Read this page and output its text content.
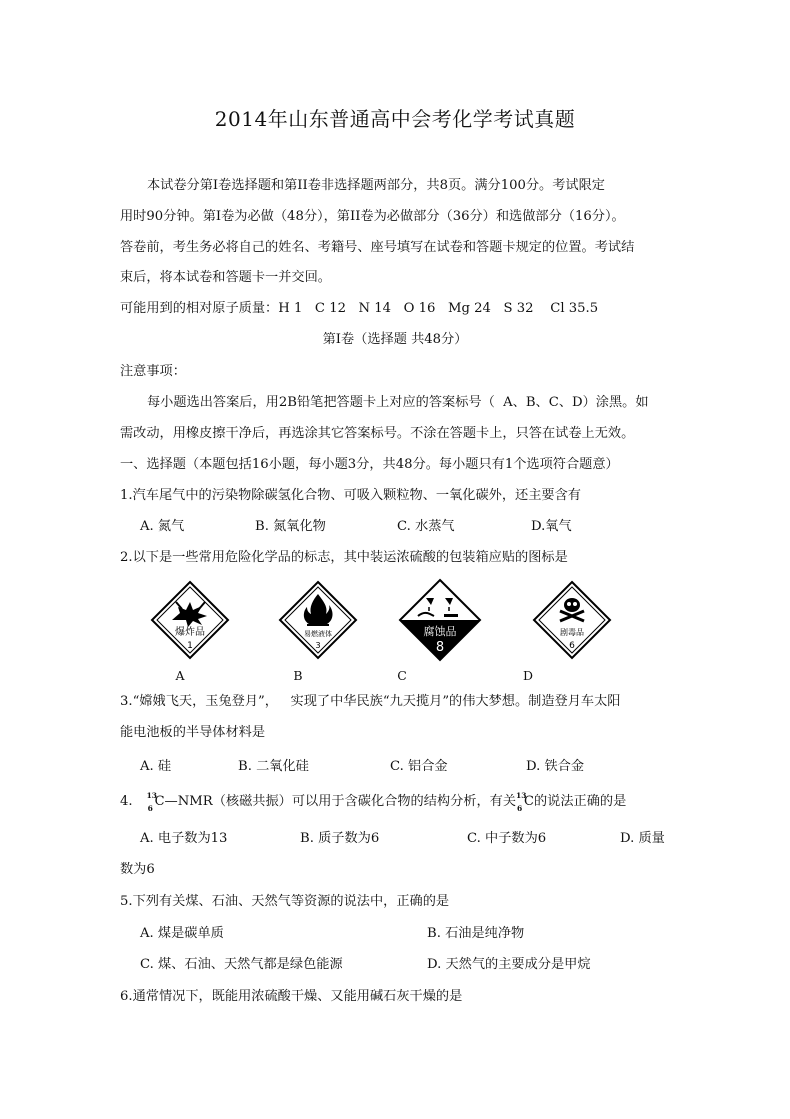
2014年山东普通高中会考化学考试真题
本试卷分第Ⅰ卷选择题和第II卷非选择题两部分，共8页。满分100分。考试限定
用时90分钟。第Ⅰ卷为必做（48分），第II卷为必做部分（36分）和选做部分（16分）。
答卷前，考生务必将自己的姓名、考籍号、座号填写在试卷和答题卡规定的位置。考试结
束后，将本试卷和答题卡一并交回。
可能用到的相对原子质量：H 1   C 12   N 14   O 16   Mg 24   S 32    Cl 35.5
第Ⅰ卷（选择题 共48分）
注意事项：
每小题选出答案后，用2B铅笔把答题卡上对应的答案标号（  A、B、C、D）涂黑。如
需改动，用橡皮擦干净后，再选涂其它答案标号。不涂在答题卡上，只答在试卷上无效。
一、选择题（本题包括16小题，每小题3分，共48分。每小题只有1个选项符合题意）
1.汽车尾气中的污染物除碳氢化合物、可吸入颗粒物、一氧化碳外，还主要含有
A. 氮气	B. 氮氧化物	C. 水蒸气	D.氧气
2.以下是一些常用危险化学品的标志，其中装运浓硫酸的包装箱应贴的图标是
爆炸品
1
A
易燃液体
3
B
腐蚀品
8
C
剧毒品
6
D
3.“嫦娥飞天，玉兔登月”，   实现了中华民族“九天揽月”的伟大梦想。制造登月车太阳
能电池板的半导体材料是
A. 硅	B. 二氧化硅	C. 铝合金	D. 铁合金
4. 13
6 C—NMR（核磁共振）可以用于含碳化合物的结构分析，有关 13
6 C的说法正确的是
A. 电子数为13	B. 质子数为6	C. 中子数为6	D. 质量
数为6
5.下列有关煤、石油、天然气等资源的说法中，正确的是
A. 煤是碳单质	B. 石油是纯净物
C. 煤、石油、天然气都是绿色能源	D. 天然气的主要成分是甲烷
6.通常情况下，既能用浓硫酸干燥、又能用碱石灰干燥的是
